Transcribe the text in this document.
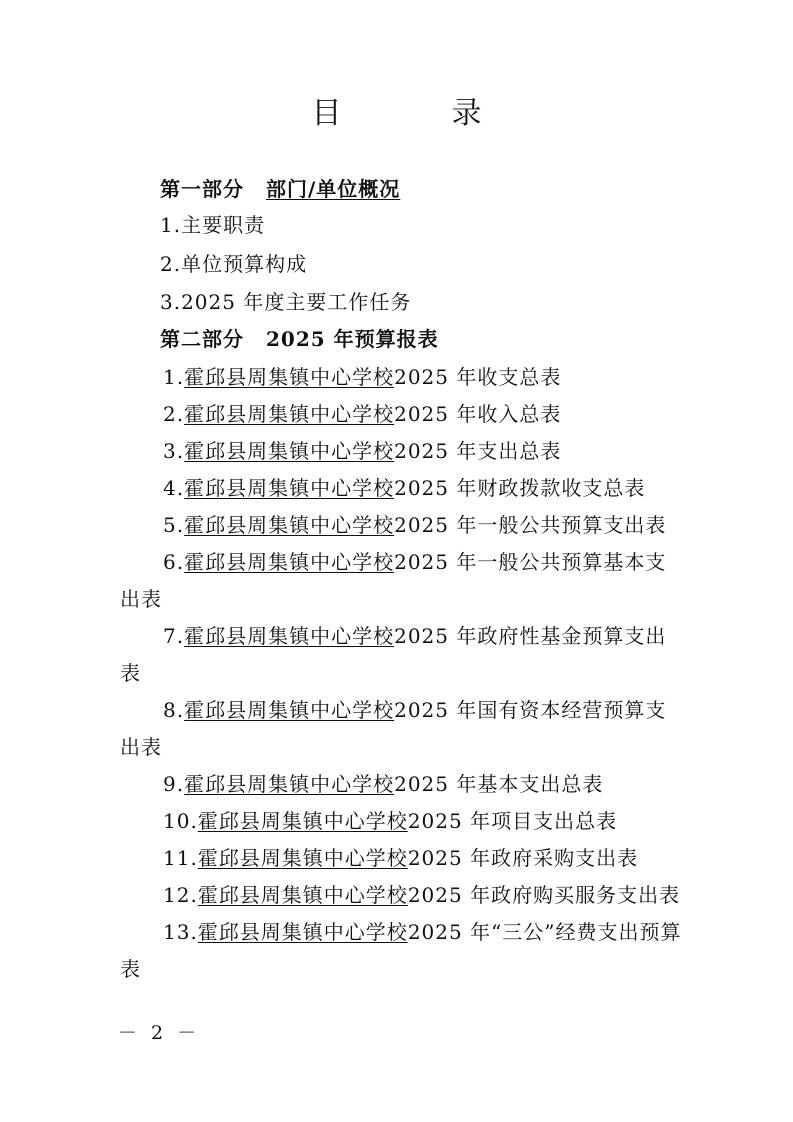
目　录
第一部分 部门/单位概况
1.主要职责
2.单位预算构成
3.2025 年度主要工作任务
第二部分 2025 年预算报表
1.霍邱县周集镇中心学校2025 年收支总表
2.霍邱县周集镇中心学校2025 年收入总表
3.霍邱县周集镇中心学校2025 年支出总表
4.霍邱县周集镇中心学校2025 年财政拨款收支总表
5.霍邱县周集镇中心学校2025 年一般公共预算支出表
6.霍邱县周集镇中心学校2025 年一般公共预算基本支
出表
7.霍邱县周集镇中心学校2025 年政府性基金预算支出
表
8.霍邱县周集镇中心学校2025 年国有资本经营预算支
出表
9.霍邱县周集镇中心学校2025 年基本支出总表
10.霍邱县周集镇中心学校2025 年项目支出总表
11.霍邱县周集镇中心学校2025 年政府采购支出表
12.霍邱县周集镇中心学校2025 年政府购买服务支出表
13.霍邱县周集镇中心学校2025 年“三公”经费支出预算
表
－ 2 －
